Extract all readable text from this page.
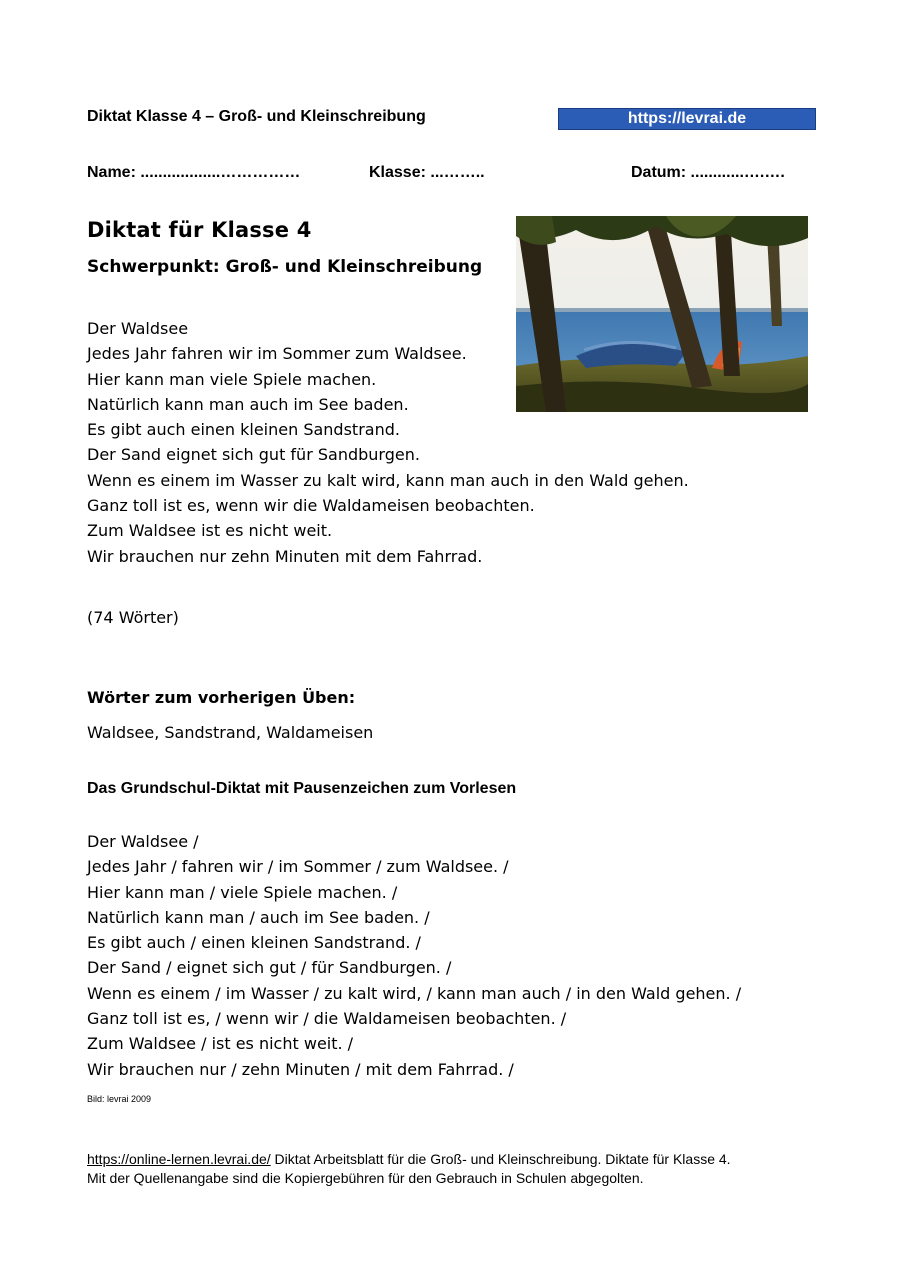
Diktat Klasse 4 – Groß- und Kleinschreibung	https://levrai.de

Name: ..................……………	Klasse: ...……..	Datum: ............….….

Diktat für Klasse 4
Schwerpunkt: Groß- und Kleinschreibung
Der Waldsee
Jedes Jahr fahren wir im Sommer zum Waldsee.
Hier kann man viele Spiele machen.
Natürlich kann man auch im See baden.
Es gibt auch einen kleinen Sandstrand.
Der Sand eignet sich gut für Sandburgen.
Wenn es einem im Wasser zu kalt wird, kann man auch in den Wald gehen.
Ganz toll ist es, wenn wir die Waldameisen beobachten.
Zum Waldsee ist es nicht weit.
Wir brauchen nur zehn Minuten mit dem Fahrrad.

(74 Wörter)

Wörter zum vorherigen Üben:

Waldsee, Sandstrand, Waldameisen

Das Grundschul-Diktat mit Pausenzeichen zum Vorlesen

Der Waldsee /
Jedes Jahr / fahren wir / im Sommer / zum Waldsee. /
Hier kann man / viele Spiele machen. /
Natürlich kann man / auch im See baden. /
Es gibt auch / einen kleinen Sandstrand. /
Der Sand / eignet sich gut / für Sandburgen. /
Wenn es einem / im Wasser / zu kalt wird, / kann man auch / in den Wald gehen. /
Ganz toll ist es, / wenn wir / die Waldameisen beobachten. /
Zum Waldsee / ist es nicht weit. /
Wir brauchen nur / zehn Minuten / mit dem Fahrrad. /

Bild: levrai 2009

https://online-lernen.levrai.de/ Diktat Arbeitsblatt für die Groß- und Kleinschreibung. Diktate für Klasse 4.
Mit der Quellenangabe sind die Kopiergebühren für den Gebrauch in Schulen abgegolten.
